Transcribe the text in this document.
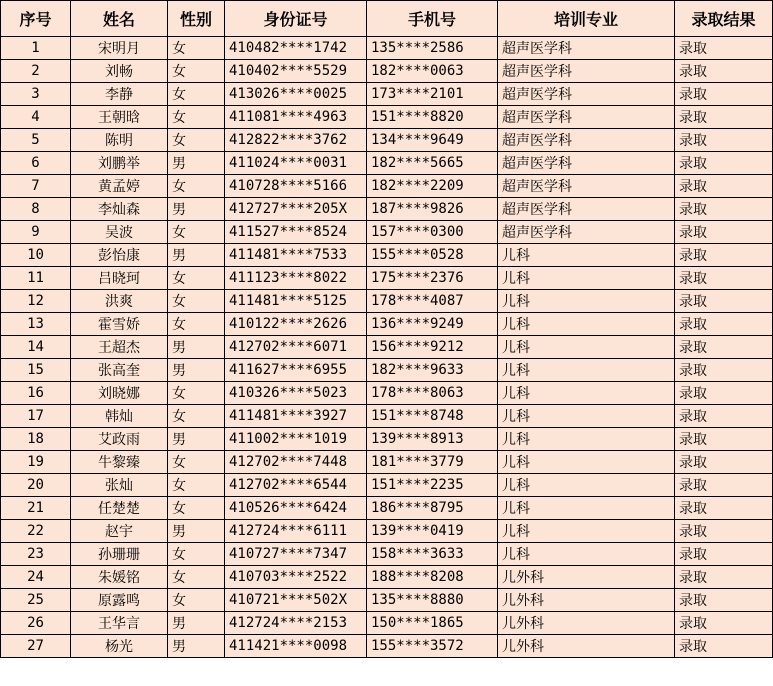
序号	姓名	性别	身份证号	手机号	培训专业	录取结果
1	宋明月	女	410482****1742	135****2586	超声医学科	录取
2	刘畅	女	410402****5529	182****0063	超声医学科	录取
3	李静	女	413026****0025	173****2101	超声医学科	录取
4	王朝晗	女	411081****4963	151****8820	超声医学科	录取
5	陈明	女	412822****3762	134****9649	超声医学科	录取
6	刘鹏举	男	411024****0031	182****5665	超声医学科	录取
7	黄孟婷	女	410728****5166	182****2209	超声医学科	录取
8	李灿森	男	412727****205X	187****9826	超声医学科	录取
9	吴波	女	411527****8524	157****0300	超声医学科	录取
10	彭怡康	男	411481****7533	155****0528	儿科	录取
11	吕晓珂	女	411123****8022	175****2376	儿科	录取
12	洪爽	女	411481****5125	178****4087	儿科	录取
13	霍雪娇	女	410122****2626	136****9249	儿科	录取
14	王超杰	男	412702****6071	156****9212	儿科	录取
15	张高奎	男	411627****6955	182****9633	儿科	录取
16	刘晓娜	女	410326****5023	178****8063	儿科	录取
17	韩灿	女	411481****3927	151****8748	儿科	录取
18	艾政雨	男	411002****1019	139****8913	儿科	录取
19	牛黎臻	女	412702****7448	181****3779	儿科	录取
20	张灿	女	412702****6544	151****2235	儿科	录取
21	任楚楚	女	410526****6424	186****8795	儿科	录取
22	赵宇	男	412724****6111	139****0419	儿科	录取
23	孙珊珊	女	410727****7347	158****3633	儿科	录取
24	朱媛铭	女	410703****2522	188****8208	儿外科	录取
25	原露鸣	女	410721****502X	135****8880	儿外科	录取
26	王华言	男	412724****2153	150****1865	儿外科	录取
27	杨光	男	411421****0098	155****3572	儿外科	录取
